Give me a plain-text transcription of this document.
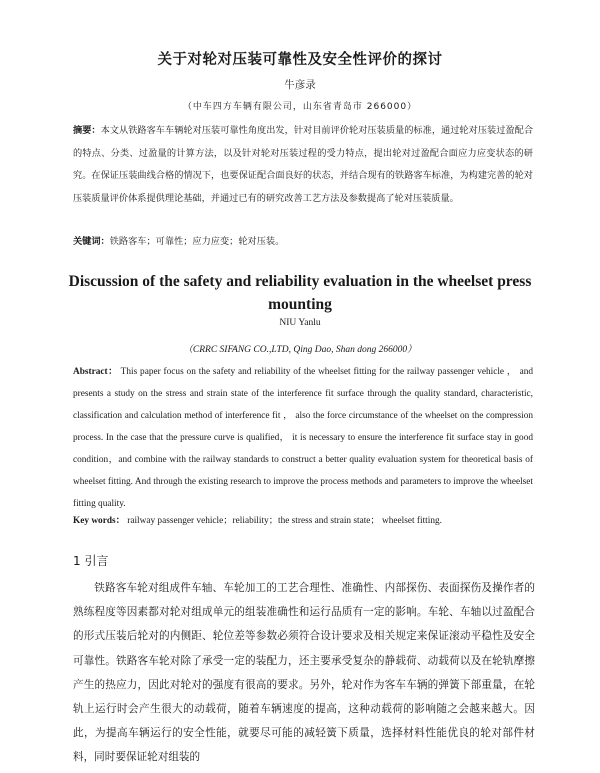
关于对轮对压装可靠性及安全性评价的探讨
牛彦录
（中车四方车辆有限公司，山东省青岛市 266000）
摘要：本文从铁路客车车辆轮对压装可靠性角度出发，针对目前评价轮对压装质量的标准，通过轮对压装过盈配合的特点、分类、过盈量的计算方法，以及针对轮对压装过程的受力特点，提出轮对过盈配合面应力应变状态的研究。在保证压装曲线合格的情况下，也要保证配合面良好的状态，并结合现有的铁路客车标准，为构建完善的轮对压装质量评价体系提供理论基础，并通过已有的研究改善工艺方法及参数提高了轮对压装质量。
关键词：铁路客车；可靠性；应力应变；轮对压装。
Discussion of the safety and reliability evaluation in the wheelset press mounting
NIU Yanlu
（CRRC SIFANG CO.,LTD, Qing Dao, Shan dong 266000）
Abstract： This paper focus on the safety and reliability of the wheelset fitting for the railway passenger vehicle ， and presents a study on the stress and strain state of the interference fit surface through the quality standard, characteristic, classification and calculation method of interference fit ， also the force circumstance of the wheelset on the compression process. In the case that the pressure curve is qualified， it is necessary to ensure the interference fit surface stay in good condition，and combine with the railway standards to construct a better quality evaluation system for theoretical basis of wheelset fitting. And through the existing research to improve the process methods and parameters to improve the wheelset fitting quality.
Key words： railway passenger vehicle；reliability；the stress and strain state； wheelset fitting.
1 引言
铁路客车轮对组成件车轴、车轮加工的工艺合理性、准确性、内部探伤、表面探伤及操作者的熟练程度等因素都对轮对组成单元的组装准确性和运行品质有一定的影响。车轮、车轴以过盈配合的形式压装后轮对的内侧距、轮位差等参数必须符合设计要求及相关规定来保证滚动平稳性及安全可靠性。铁路客车轮对除了承受一定的装配力，还主要承受复杂的静载荷、动载荷以及在轮轨摩擦产生的热应力，因此对轮对的强度有很高的要求。另外，轮对作为客车车辆的弹簧下部重量，在轮轨上运行时会产生很大的动载荷，随着车辆速度的提高，这种动载荷的影响随之会越来越大。因此，为提高车辆运行的安全性能，就要尽可能的减轻簧下质量，选择材料性能优良的轮对部件材料，同时要保证轮对组装的
